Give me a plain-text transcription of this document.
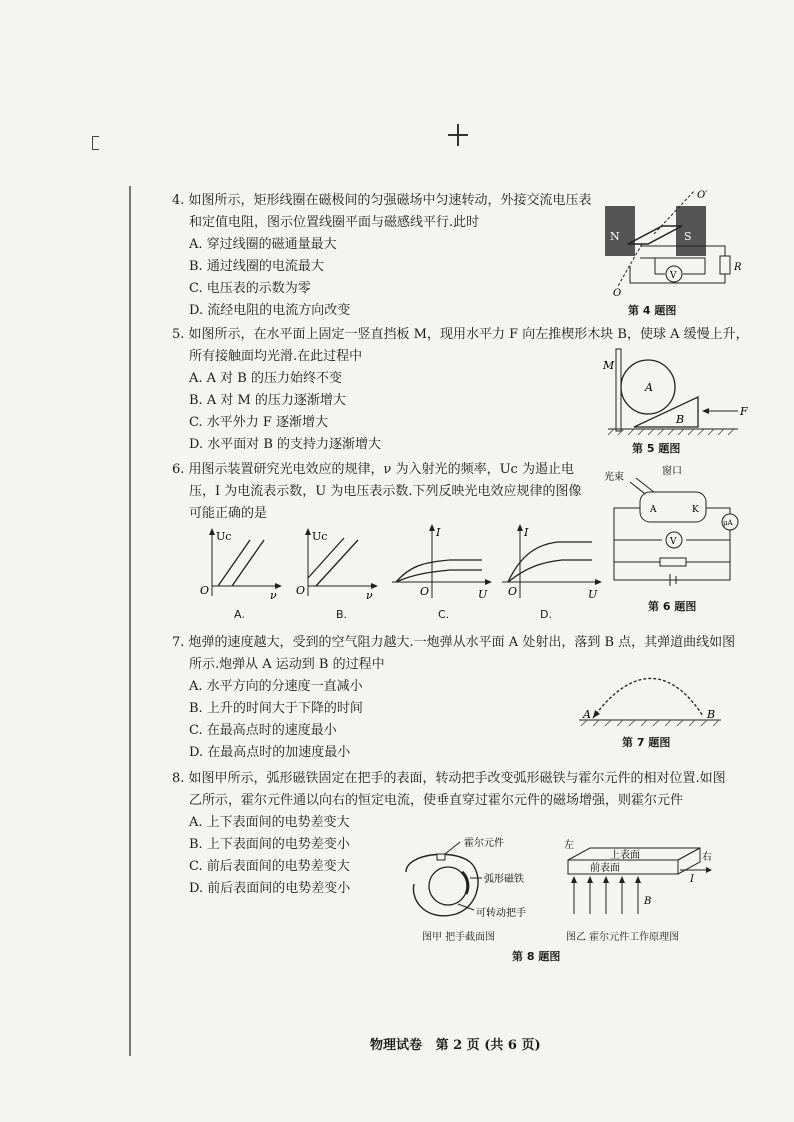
4. 如图所示，矩形线圈在磁极间的匀强磁场中匀速转动，外接交流电压表
和定值电阻，图示位置线圈平面与磁感线平行.此时
A. 穿过线圈的磁通量最大
B. 通过线圈的电流最大
C. 电压表的示数为零
D. 流经电阻的电流方向改变
N	S
O′
O
V
R
第 4 题图
5. 如图所示，在水平面上固定一竖直挡板 M，现用水平力 F 向左推楔形木块 B，使球 A 缓慢上升，
所有接触面均光滑.在此过程中
A. A 对 B 的压力始终不变
B. A 对 M 的压力逐渐增大
C. 水平外力 F 逐渐增大
D. 水平面对 B 的支持力逐渐增大
M
A
B
F
第 5 题图
6. 用图示装置研究光电效应的规律，ν 为入射光的频率，Uc 为遏止电
压，I 为电流表示数，U 为电压表示数.下列反映光电效应规律的图像
可能正确的是
Uc
ν
O
A.
Uc
ν
O
B.
I
U
O
C.
I
U
O
D.
光束
窗口
A	K
V
μA
第 6 题图
7. 炮弹的速度越大，受到的空气阻力越大.一炮弹从水平面 A 处射出，落到 B 点，其弹道曲线如图
所示.炮弹从 A 运动到 B 的过程中
A. 水平方向的分速度一直减小
B. 上升的时间大于下降的时间
C. 在最高点时的速度最小
D. 在最高点时的加速度最小
A	B
第 7 题图
8. 如图甲所示，弧形磁铁固定在把手的表面，转动把手改变弧形磁铁与霍尔元件的相对位置.如图
乙所示，霍尔元件通以向右的恒定电流，使垂直穿过霍尔元件的磁场增强，则霍尔元件
A. 上下表面间的电势差变大
B. 上下表面间的电势差变小
C. 前后表面间的电势差变大
D. 前后表面间的电势差变小
霍尔元件
弧形磁铁
可转动把手
图甲 把手截面图
左
右
上表面
前表面
I
B
图乙 霍尔元件工作原理图
第 8 题图
物理试卷   第 2 页 (共 6 页)
